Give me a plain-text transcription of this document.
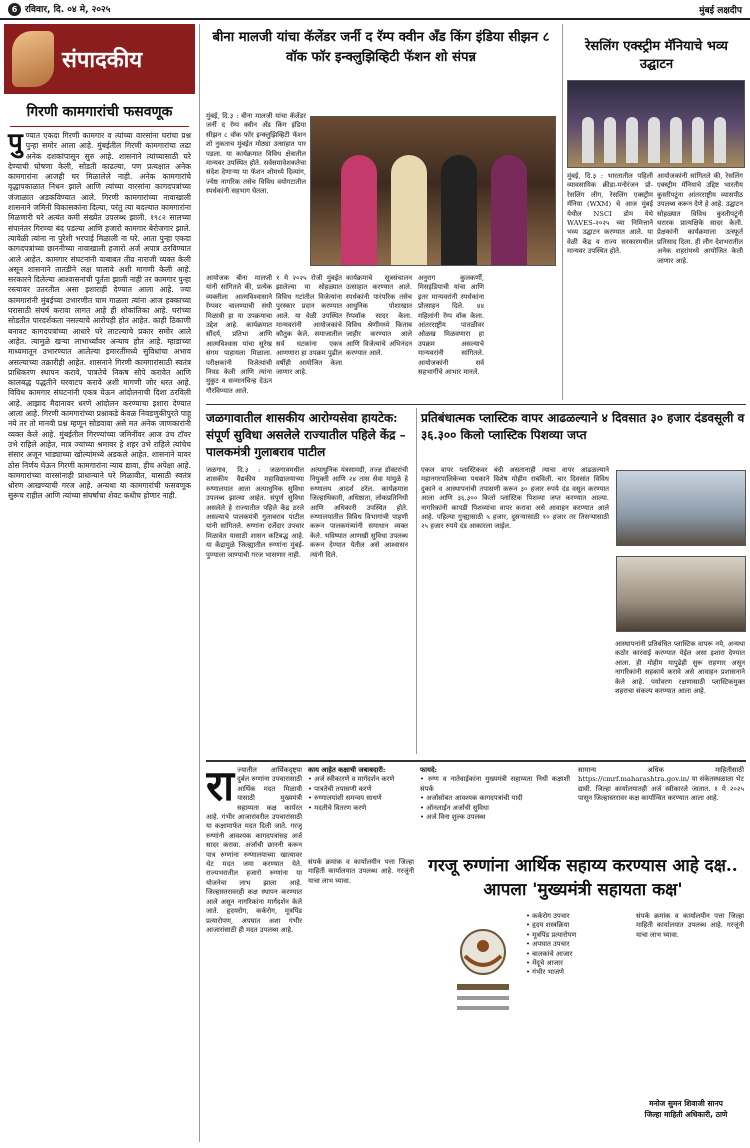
6 रविवार, दि. ०४ मे, २०२५	मुंबई लक्षदीप
संपादकीय
गिरणी कामगारांची फसवणूक
पु ण्यात एकदा गिरणी कामगार व त्यांच्या वारसांना घरांचा प्रश्न पुन्हा समोर आला आहे. मुंबईतील गिरणी कामगारांचा लढा अनेक दशकांपासून सुरु आहे. शासनाने त्यांच्यासाठी घरे देण्याची घोषणा केली, सोडती काढल्या, पण प्रत्यक्षात अनेक कामगारांना आजही घर मिळालेले नाही. अनेक कामगारांचे वृद्धापकाळात निधन झाले आणि त्यांच्या वारसांना कागदपत्रांच्या जंजाळात अडकविण्यात आले. गिरणी कामगारांच्या नावाखाली शासनाने जमिनी विकासकांना दिल्या, परंतु त्या बदल्यात कामगारांना मिळणारी घरे अत्यंत कमी संख्येत उपलब्ध झाली. १९८२ सालच्या संपानंतर गिरण्या बंद पडल्या आणि हजारो कामगार बेरोजगार झाले. त्यावेळी त्यांना ना पुरेशी भरपाई मिळाली ना घरे. आता पुन्हा एकदा कागदपत्रांच्या छाननीच्या नावाखाली हजारो अर्ज अपात्र ठरविण्यात आले आहेत. कामगार संघटनांनी याबाबत तीव्र नाराजी व्यक्त केली असून शासनाने तातडीने लक्ष घालावे अशी मागणी केली आहे. सरकारने दिलेल्या आश्वासनांची पूर्तता झाली नाही तर कामगार पुन्हा रस्त्यावर उतरतील असा इशाराही देण्यात आला आहे. ज्या कामगारांनी मुंबईच्या उभारणीत घाम गाळला त्यांना आज हक्काच्या घरासाठी संघर्ष करावा लागत आहे ही शोकांतिका आहे. घरांच्या सोडतीत पारदर्शकता नसल्याचे आरोपही होत आहेत. काही ठिकाणी बनावट कागदपत्रांच्या आधारे घरे लाटल्याचे प्रकार समोर आले आहेत. त्यामुळे खऱ्या लाभार्थ्यांवर अन्याय होत आहे. म्हाडाच्या माध्यमातून उभारण्यात आलेल्या इमारतींमध्ये सुविधांचा अभाव असल्याच्या तक्रारीही आहेत. शासनाने गिरणी कामगारांसाठी स्वतंत्र प्राधिकरण स्थापन करावे, पात्रतेचे निकष सोपे करावेत आणि कालबद्ध पद्धतीने घरवाटप करावे अशी मागणी जोर धरत आहे. विविध कामगार संघटनांनी एकत्र येऊन आंदोलनाची दिशा ठरविली आहे. आझाद मैदानावर धरणे आंदोलन करण्याचा इशारा देण्यात आला आहे. गिरणी कामगारांच्या प्रश्नाकडे केवळ निवडणुकीपुरते पाहू नये तर तो मानवी प्रश्न म्हणून सोडवावा असे मत अनेक जाणकारांनी व्यक्त केले आहे. मुंबईतील गिरण्यांच्या जमिनींवर आज उंच टॉवर उभे राहिले आहेत, मात्र ज्यांच्या श्रमावर हे शहर उभे राहिले त्यांचेच संसार अजून भाड्याच्या खोल्यांमध्ये अडकले आहेत. शासनाने यावर ठोस निर्णय घेऊन गिरणी कामगारांना न्याय द्यावा, हीच अपेक्षा आहे. कामगारांच्या वारसांनाही प्राधान्याने घरे मिळावीत, यासाठी स्वतंत्र धोरण आखण्याची गरज आहे. अन्यथा या कामगारांची फसवणूक सुरूच राहील आणि त्यांच्या संघर्षाचा शेवट कधीच होणार नाही.
बीना मालजी यांचा कॅलेंडर जर्नी द रॅम्प क्वीन अँड किंग इंडिया सीझन ८ वॉक फॉर इन्क्लुझिव्हिटी फॅशन शो संपन्न
मुंबई, दि.३ : बीना मालजी यांचा कॅलेंडर जर्नी द रॅम्प क्वीन अँड किंग इंडिया सीझन ८ वॉक फॉर इन्क्लुझिव्हिटी फॅशन शो नुकताच मुंबईत मोठ्या उत्साहात पार पडला. या कार्यक्रमात विविध क्षेत्रातील मान्यवर उपस्थित होते. सर्वसमावेशकतेचा संदेश देणाऱ्या या फॅशन शोमध्ये दिव्यांग, ज्येष्ठ नागरिक तसेच विविध वयोगटातील स्पर्धकांनी सहभाग घेतला.
आयोजक बीना मालजी यांनी सांगितले की, प्रत्येक व्यक्तीला आत्मविश्वासाने रॅम्पवर चालण्याची संधी मिळावी हा या उपक्रमाचा उद्देश आहे. कार्यक्रमात सौंदर्य, प्रतिभा आणि आत्मविश्वास यांचा सुरेख संगम पाहायला मिळाला. परीक्षकांनी विजेत्यांची निवड केली आणि त्यांना मुकुट व सन्मानचिन्ह देऊन गौरविण्यात आले.
१ मे २०२५ रोजी मुंबईत झालेल्या या सोहळ्यात विविध गटांतील विजेत्यांना पुरस्कार प्रदान करण्यात आले. या वेळी उपस्थित मान्यवरांनी आयोजकांचे कौतुक केले. समाजातील सर्व घटकांना एकत्र आणणारा हा उपक्रम पुढील वर्षीही आयोजित केला जाणार आहे.
कार्यक्रमाचे सूत्रसंचालन उत्साहात करण्यात आले. स्पर्धकांनी पारंपरिक तसेच आधुनिक पोशाखात रॅम्पवॉक सादर केला. विविध श्रेणींमध्ये किताब जाहीर करण्यात आले आणि विजेत्यांचे अभिनंदन करण्यात आले.
अनुराग कुलकर्णी, मिसइंडियाची यांचा आणि इतर मान्यवरांनी स्पर्धकांना प्रोत्साहन दिले. ४४ महिलांनी रॅम्प वॉक केला. आंतरराष्ट्रीय पातळीवर ओळख मिळवणारा हा उपक्रम असल्याचे मान्यवरांनी सांगितले. आयोजकांनी सर्व सहभागींचे आभार मानले.
रेसलिंग एक्स्ट्रीम मॅनियाचे भव्य उद्घाटन
मुंबई, दि.३ : भारतातील पहिली व्यावसायिक क्रीडा-मनोरंजन प्रो-रेसलिंग लीग, रेसलिंग एक्स्ट्रीम मॅनिया (WXM) चे आज मुंबई येथील NSCI डोम येथे WAVES-२०२५ च्या निमित्ताने भव्य उद्घाटन करण्यात आले. या वेळी केंद्र व राज्य सरकारमधील मान्यवर उपस्थित होते.
आयोजकांनी सांगितले की, रेसलिंग एक्स्ट्रीम मॅनियाचे उद्दिष्ट भारतीय कुस्तीपटूंना आंतरराष्ट्रीय व्यासपीठ उपलब्ध करून देणे हे आहे. उद्घाटन सोहळ्यात विविध कुस्तीपटूंनी थरारक प्रात्यक्षिके सादर केली. प्रेक्षकांनी कार्यक्रमाला उत्स्फूर्त प्रतिसाद दिला. ही लीग देशभरातील अनेक शहरांमध्ये आयोजित केली जाणार आहे.
जळगावातील शासकीय आरोग्यसेवा हायटेक: संपूर्ण सुविधा असलेले राज्यातील पहिले केंद्र – पालकमंत्री गुलाबराव पाटील
जळगाव, दि.३ : जळगावमधील शासकीय वैद्यकीय महाविद्यालयाच्या रुग्णालयात आता अत्याधुनिक सुविधा उपलब्ध झाल्या आहेत. संपूर्ण सुविधा असलेले हे राज्यातील पहिले केंद्र ठरले असल्याचे पालकमंत्री गुलाबराव पाटील यांनी सांगितले. रुग्णांना दर्जेदार उपचार मिळावेत यासाठी शासन कटिबद्ध आहे. या केंद्रामुळे जिल्ह्यातील रुग्णांना मुंबई-पुण्याला जाण्याची गरज भासणार नाही.
अत्याधुनिक यंत्रसामग्री, तज्ज्ञ डॉक्टरांची नियुक्ती आणि २४ तास सेवा यांमुळे हे रुग्णालय आदर्श ठरेल. कार्यक्रमास जिल्हाधिकारी, अधिष्ठाता, लोकप्रतिनिधी आणि अधिकारी उपस्थित होते. रुग्णालयातील विविध विभागांची पाहणी करून पालकमंत्र्यांनी समाधान व्यक्त केले. भविष्यात आणखी सुविधा उपलब्ध करून देण्यात येतील असे आश्वासन त्यांनी दिले.
प्रतिबंधात्मक प्लास्टिक वापर आढळल्याने ४ दिवसात ३० हजार दंडवसूली व ३६.३०० किलो प्लास्टिक पिशव्या जप्त
एकल वापर प्लास्टिकवर बंदी असतानाही त्याचा वापर आढळल्याने महानगरपालिकेच्या पथकाने विशेष मोहीम राबविली. चार दिवसांत विविध दुकाने व आस्थापनांची तपासणी करून ३० हजार रुपये दंड वसूल करण्यात आला आणि ३६.३०० किलो प्लास्टिक पिशव्या जप्त करण्यात आल्या. नागरिकांनी कापडी पिशव्यांचा वापर करावा असे आवाहन करण्यात आले आहे. पहिल्या गुन्ह्यासाठी ५ हजार, दुसऱ्यासाठी १० हजार तर तिसऱ्यासाठी २५ हजार रुपये दंड आकारला जाईल.
आस्थापनांनी प्रतिबंधित प्लास्टिक वापरू नये, अन्यथा कठोर कारवाई करण्यात येईल असा इशारा देण्यात आला. ही मोहीम यापुढेही सुरू राहणार असून नागरिकांनी सहकार्य करावे असे आवाहन प्रशासनाने केले आहे. पर्यावरण रक्षणासाठी प्लास्टिकमुक्त शहराचा संकल्प करण्यात आला आहे.
रा ज्यातील आर्थिकदृष्ट्या दुर्बल रुग्णांना उपचारासाठी आर्थिक मदत मिळावी यासाठी मुख्यमंत्री सहाय्यता कक्ष कार्यरत आहे. गंभीर आजारांवरील उपचारांसाठी या कक्षामार्फत मदत दिली जाते. गरजू रुग्णांनी आवश्यक कागदपत्रांसह अर्ज सादर करावा. अर्जाची छाननी करून पात्र रुग्णांना रुग्णालयाच्या खात्यावर थेट मदत जमा करण्यात येते. राज्यभरातील हजारो रुग्णांना या योजनेचा लाभ झाला आहे. जिल्हास्तरावरही कक्ष स्थापन करण्यात आले असून नागरिकांना मार्गदर्शन केले जाते. हृदयरोग, कर्करोग, मूत्रपिंड प्रत्यारोपण, अपघात अशा गंभीर आजारांसाठी ही मदत उपलब्ध आहे.
काय आहेत कक्षाची जबाबदारी:
• अर्ज स्वीकारणे व मार्गदर्शन करणे
• पात्रतेची तपासणी करणे
• रुग्णालयांशी समन्वय साधणे
• मदतीचे वितरण करणे
फायदे:
• रुग्ण व नातेवाईकांना मुख्यमंत्री सहाय्यता निधी कक्षाशी संपर्क
• अर्जासोबत आवश्यक कागदपत्रांची यादी
• ऑनलाईन अर्जाची सुविधा
• अर्ज विना शुल्क उपलब्ध
सामान्य अधिक माहितीसाठी https://cmrf.maharashtra.gov.in/ या संकेतस्थळाला भेट द्यावी. जिल्हा कार्यालयातही अर्ज स्वीकारले जातात. १ मे २०२५ पासून जिल्हास्तरावर कक्ष कार्यान्वित करण्यात आला आहे.
गरजू रुग्णांना आर्थिक सहाय्य करण्यास आहे दक्ष..
आपला 'मुख्यमंत्री सहायता कक्ष'
संपर्क क्रमांक व कार्यालयीन पत्ता जिल्हा माहिती कार्यालयात उपलब्ध आहे. गरजूंनी याचा लाभ घ्यावा.
• कर्करोग उपचार
• हृदय शस्त्रक्रिया
• मूत्रपिंड प्रत्यारोपण
• अपघात उपचार
• बालकांचे आजार
• मेंदूचे आजार
• गंभीर भाजणे
संपर्क क्रमांक व कार्यालयीन पत्ता जिल्हा माहिती कार्यालयात उपलब्ध आहे. गरजूंनी याचा लाभ घ्यावा.
मनोज सुमन शिवाजी सानप
जिल्हा माहिती अधिकारी, ठाणे
